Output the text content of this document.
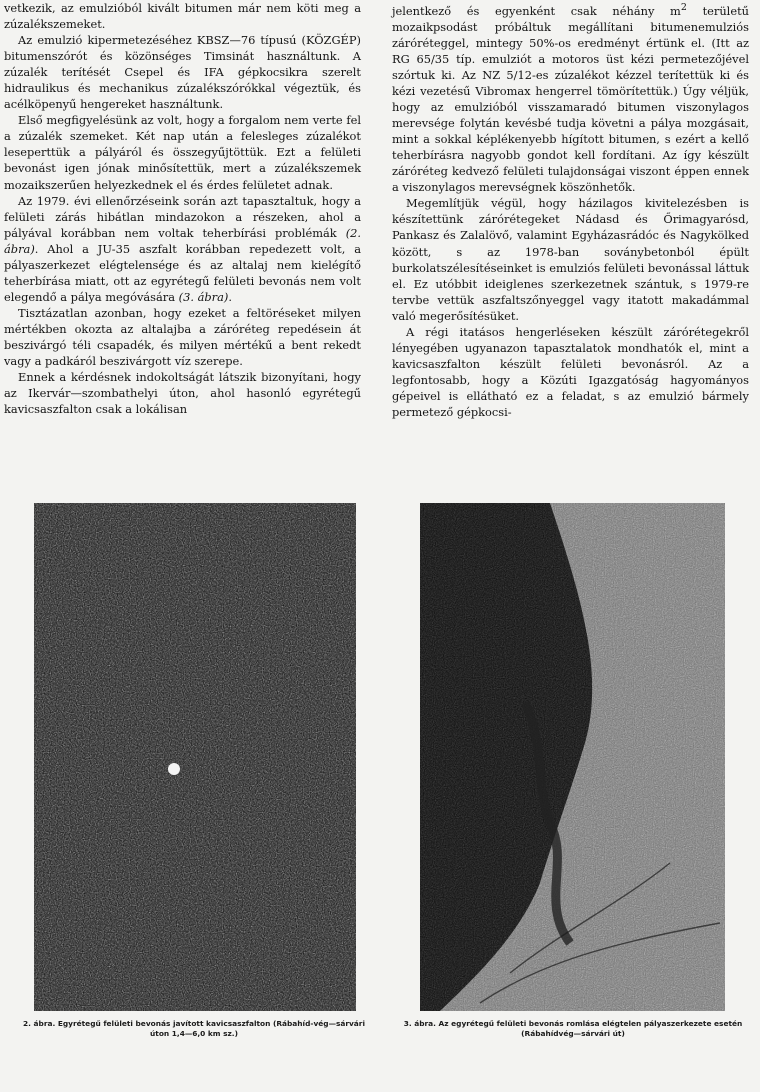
vetkezik, az emulzióból kivált bitumen már nem köti meg a zúzalékszemeket.

Az emulzió kipermetezéséhez KBSZ—76 típusú (KÖZGÉP) bitumenszórót és közönséges Timsinát használtunk. A zúzalék terítését Csepel és IFA gépkocsikra szerelt hidraulikus és mechanikus zúzalékszórókkal végeztük, és acélköpenyű hengereket használtunk.

Első megfigyelésünk az volt, hogy a forgalom nem verte fel a zúzalék szemeket. Két nap után a felesleges zúzalékot leseperttük a pályáról és összegyűjtöttük. Ezt a felületi bevonást igen jónak minősítettük, mert a zúzalékszemek mozaikszerűen helyezkednek el és érdes felületet adnak.

Az 1979. évi ellenőrzéseink során azt tapasztaltuk, hogy a felületi zárás hibátlan mindazokon a részeken, ahol a pályával korábban nem voltak teherbírási problémák (2. ábra). Ahol a JU-35 aszfalt korábban repedezett volt, a pályaszerkezet elégtelensége és az altalaj nem kielégítő teherbírása miatt, ott az egyrétegű felületi bevonás nem volt elegendő a pálya megóvására (3. ábra).

Tisztázatlan azonban, hogy ezeket a feltöréseket milyen mértékben okozta az altalajba a záróréteg repedésein át beszivárgó téli csapadék, és milyen mértékű a bent rekedt vagy a padkáról beszivárgott víz szerepe.

Ennek a kérdésnek indokoltságát látszik bizonyítani, hogy az Ikervár—szombathelyi úton, ahol hasonló egyrétegű kavicsaszfalton csak a lokálisan

jelentkező és egyenként csak néhány $m^2$ területű mozaikpsodást próbáltuk megállítani bitumenemulziós záróréteggel, mintegy 50%-os eredményt értünk el. (Itt az RG 65/35 típ. emulziót a motoros üst kézi permetezőjével szórtuk ki. Az NZ 5/12-es zúzalékot kézzel terítettük ki és kézi vezetésű Vibromax hengerrel tömörítettük.) Úgy véljük, hogy az emulzióból visszamaradó bitumen viszonylagos merevsége folytán kevésbé tudja követni a pálya mozgásait, mint a sokkal képlékenyebb hígított bitumen, s ezért a kellő teherbírásra nagyobb gondot kell fordítani. Az így készült záróréteg kedvező felületi tulajdonságai viszont éppen ennek a viszonylagos merevségnek köszönhetők.

Megemlítjük végül, hogy házilagos kivitelezésben is készítettünk zárórétegeket Nádasd és Őrimagyarósd, Pankasz és Zalalövő, valamint Egyházasrádóc és Nagykölked között, s az 1978-ban soványbetonból épült burkolatszélesítéseinket is emulziós felületi bevonással láttuk el. Ez utóbbit ideiglenes szerkezetnek szántuk, s 1979-re tervbe vettük aszfaltszőnyeggel vagy itatott makadámmal való megerősítésüket.

A régi itatásos hengerléseken készült zárórétegekről lényegében ugyanazon tapasztalatok mondhatók el, mint a kavicsaszfalton készült felületi bevonásról. Az a legfontosabb, hogy a Közúti Igazgatóság hagyományos gépeivel is ellátható ez a feladat, s az emulzió bármely permetező gépkocsi-

2. ábra. Egyrétegű felületi bevonás javított kavicsaszfalton (Rábahíd-vég—sárvári úton 1,4—6,0 km sz.)
3. ábra. Az egyrétegű felületi bevonás romlása elégtelen pályaszerkezete esetén (Rábahídvég—sárvári út)
